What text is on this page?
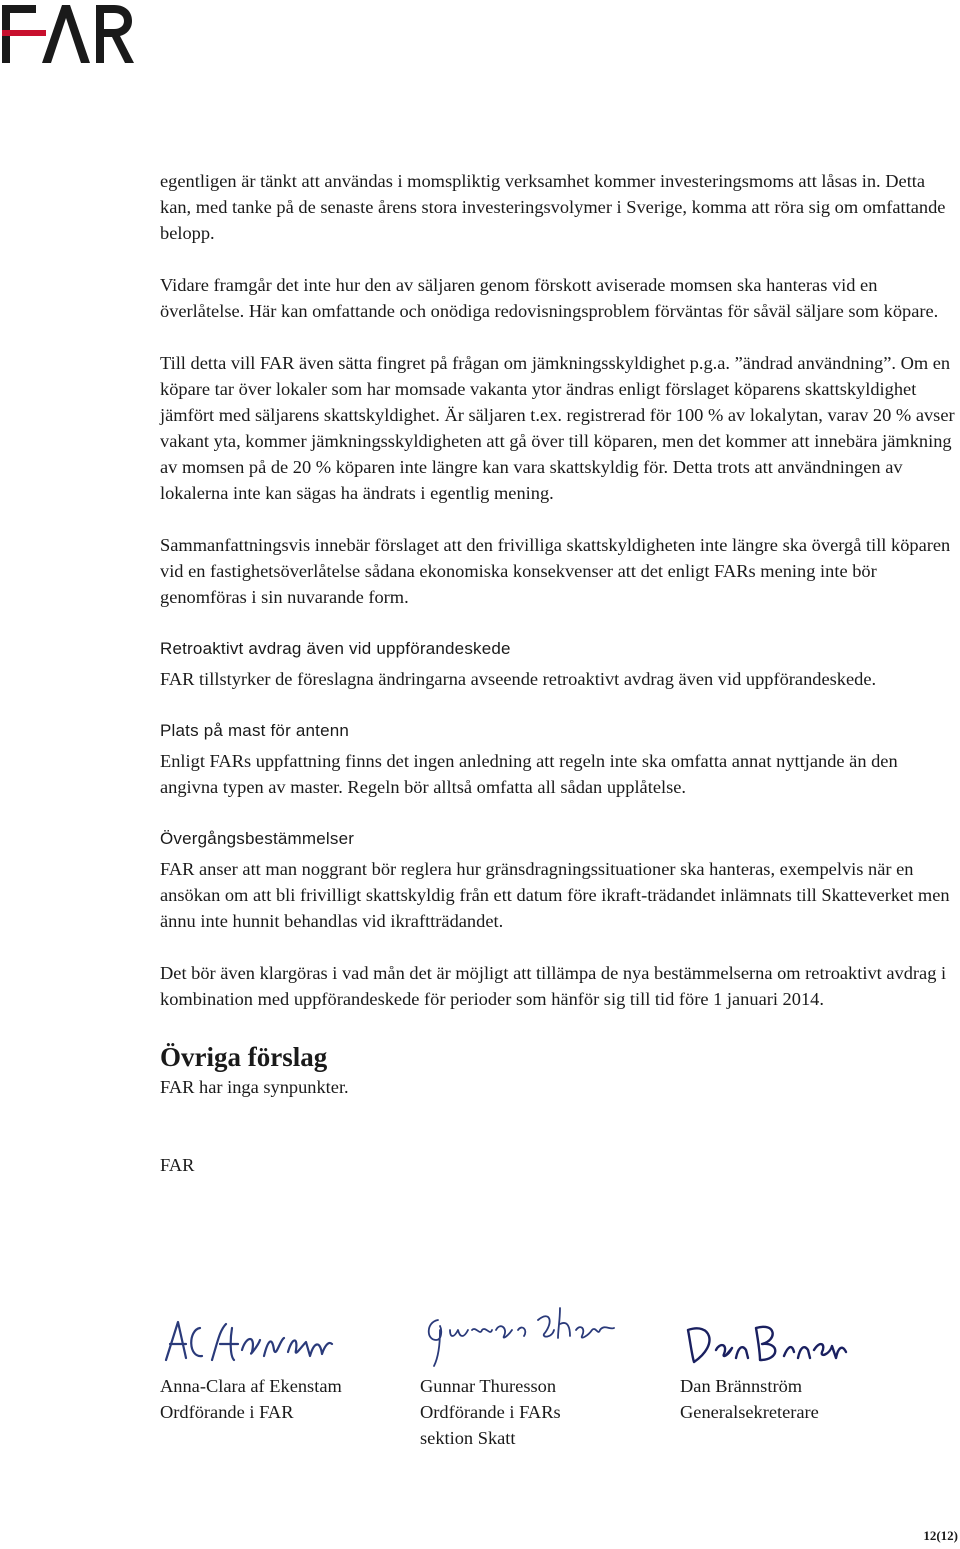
egentligen är tänkt att användas i momspliktig verksamhet kommer investeringsmoms att låsas in. Detta kan, med tanke på de senaste årens stora investeringsvolymer i Sverige, komma att röra sig om omfattande belopp.

Vidare framgår det inte hur den av säljaren genom förskott aviserade momsen ska hanteras vid en överlåtelse. Här kan omfattande och onödiga redovisningsproblem förväntas för såväl säljare som köpare.

Till detta vill FAR även sätta fingret på frågan om jämkningsskyldighet p.g.a. ”ändrad användning”. Om en köpare tar över lokaler som har momsade vakanta ytor ändras enligt förslaget köparens skattskyldighet jämfört med säljarens skattskyldighet. Är säljaren t.ex. registrerad för 100 % av lokalytan, varav 20 % avser vakant yta, kommer jämkningsskyldigheten att gå över till köparen, men det kommer att innebära jämkning av momsen på de 20 % köparen inte längre kan vara skattskyldig för. Detta trots att användningen av lokalerna inte kan sägas ha ändrats i egentlig mening.

Sammanfattningsvis innebär förslaget att den frivilliga skattskyldigheten inte längre ska övergå till köparen vid en fastighetsöverlåtelse sådana ekonomiska konsekvenser att det enligt FARs mening inte bör genomföras i sin nuvarande form.

Retroaktivt avdrag även vid uppförandeskede

FAR tillstyrker de föreslagna ändringarna avseende retroaktivt avdrag även vid uppförandeskede.

Plats på mast för antenn

Enligt FARs uppfattning finns det ingen anledning att regeln inte ska omfatta annat nyttjande än den angivna typen av master. Regeln bör alltså omfatta all sådan upplåtelse.

Övergångsbestämmelser

FAR anser att man noggrant bör reglera hur gränsdragningssituationer ska hanteras, exempelvis när en ansökan om att bli frivilligt skattskyldig från ett datum före ikraft-trädandet inlämnats till Skatteverket men ännu inte hunnit behandlas vid ikraftträdandet.

Det bör även klargöras i vad mån det är möjligt att tillämpa de nya bestämmelserna om retroaktivt avdrag i kombination med uppförandeskede för perioder som hänför sig till tid före 1 januari 2014.

Övriga förslag

FAR har inga synpunkter.

FAR

Anna-Clara af Ekenstam
Ordförande i FAR
Gunnar Thuresson
Ordförande i FARs
sektion Skatt
Dan Brännström
Generalsekreterare
12(12)
